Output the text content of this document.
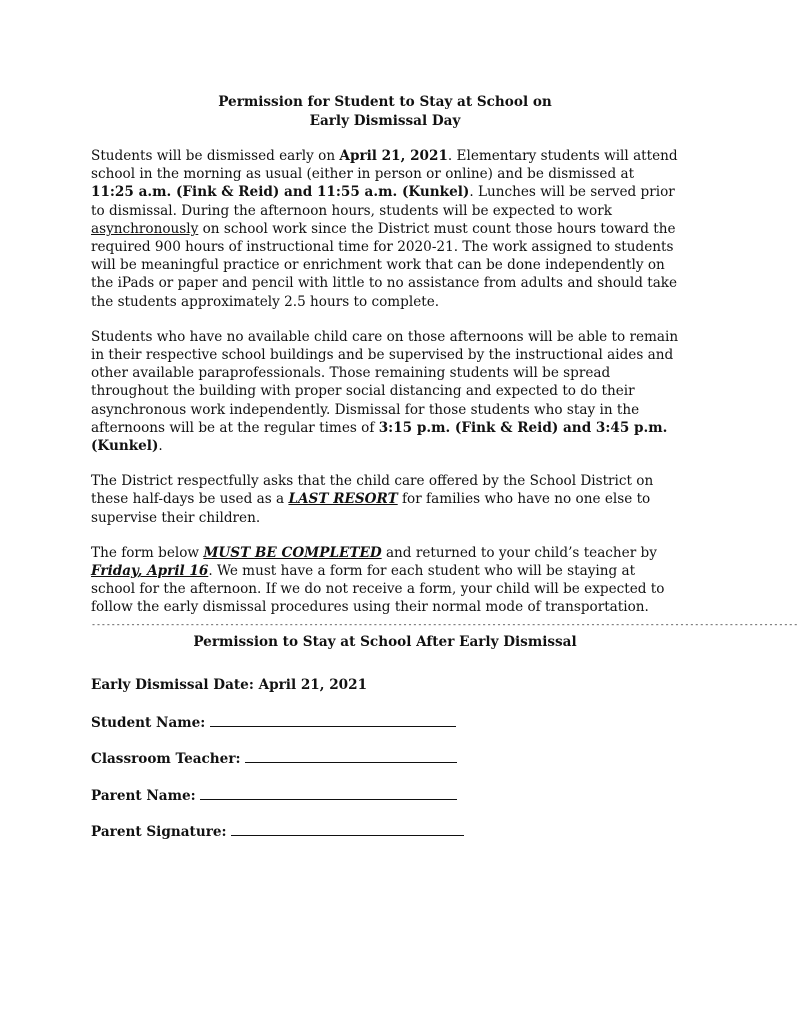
Permission for Student to Stay at School on
Early Dismissal Day

Students will be dismissed early on April 21, 2021. Elementary students will attend school in the morning as usual (either in person or online) and be dismissed at 11:25 a.m. (Fink & Reid) and 11:55 a.m. (Kunkel). Lunches will be served prior to dismissal. During the afternoon hours, students will be expected to work asynchronously on school work since the District must count those hours toward the required 900 hours of instructional time for 2020-21. The work assigned to students will be meaningful practice or enrichment work that can be done independently on the iPads or paper and pencil with little to no assistance from adults and should take the students approximately 2.5 hours to complete.

Students who have no available child care on those afternoons will be able to remain in their respective school buildings and be supervised by the instructional aides and other available paraprofessionals. Those remaining students will be spread throughout the building with proper social distancing and expected to do their asynchronous work independently. Dismissal for those students who stay in the afternoons will be at the regular times of 3:15 p.m. (Fink & Reid) and 3:45 p.m. (Kunkel).

The District respectfully asks that the child care offered by the School District on these half-days be used as a LAST RESORT for families who have no one else to supervise their children.

The form below MUST BE COMPLETED and returned to your child’s teacher by Friday, April 16. We must have a form for each student who will be staying at school for the afternoon. If we do not receive a form, your child will be expected to follow the early dismissal procedures using their normal mode of transportation.

-----------------------------------------------------------------------------------------------------------------------------------------------
Permission to Stay at School After Early Dismissal
Early Dismissal Date: April 21, 2021
Student Name:
Classroom Teacher:
Parent Name:
Parent Signature:
